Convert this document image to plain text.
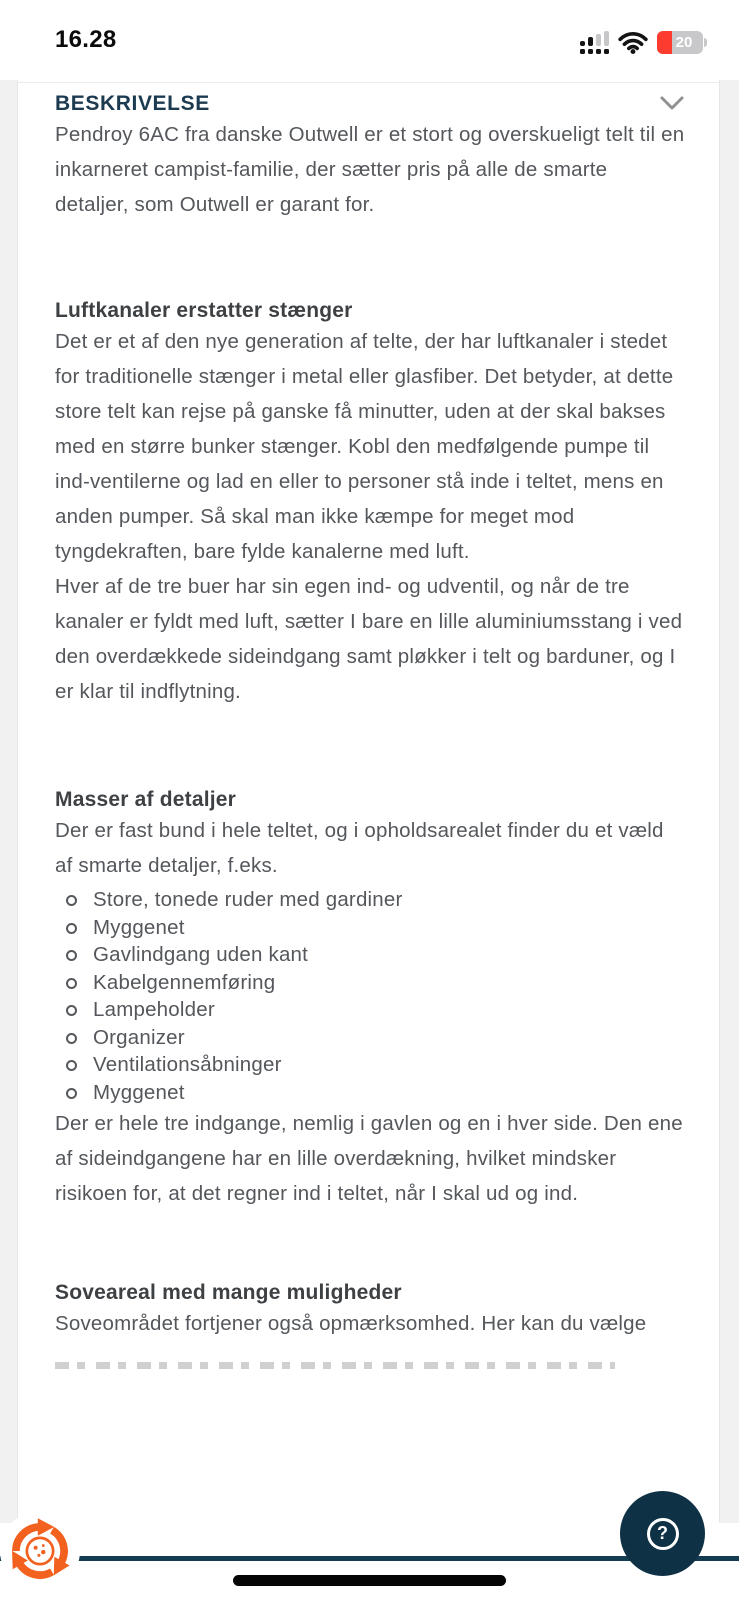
16.28	20
BESKRIVELSE

Pendroy 6AC fra danske Outwell er et stort og overskueligt telt til en inkarneret campist-familie, der sætter pris på alle de smarte detaljer, som Outwell er garant for.

Luftkanaler erstatter stænger

Det er et af den nye generation af telte, der har luftkanaler i stedet for traditionelle stænger i metal eller glasfiber. Det betyder, at dette store telt kan rejse på ganske få minutter, uden at der skal bakses med en større bunker stænger. Kobl den medfølgende pumpe til ind-ventilerne og lad en eller to personer stå inde i teltet, mens en anden pumper. Så skal man ikke kæmpe for meget mod tyngdekraften, bare fylde kanalerne med luft.

Hver af de tre buer har sin egen ind- og udventil, og når de tre kanaler er fyldt med luft, sætter I bare en lille aluminiumsstang i ved den overdækkede sideindgang samt pløkker i telt og barduner, og I er klar til indflytning.

Masser af detaljer

Der er fast bund i hele teltet, og i opholdsarealet finder du et væld af smarte detaljer, f.eks.

Store, tonede ruder med gardiner
Myggenet
Gavlindgang uden kant
Kabelgennemføring
Lampeholder
Organizer
Ventilationsåbninger
Myggenet

Der er hele tre indgange, nemlig i gavlen og en i hver side. Den ene af sideindgangene har en lille overdækning, hvilket mindsker risikoen for, at det regner ind i teltet, når I skal ud og ind.

Soveareal med mange muligheder

Soveområdet fortjener også opmærksomhed. Her kan du vælge

?
